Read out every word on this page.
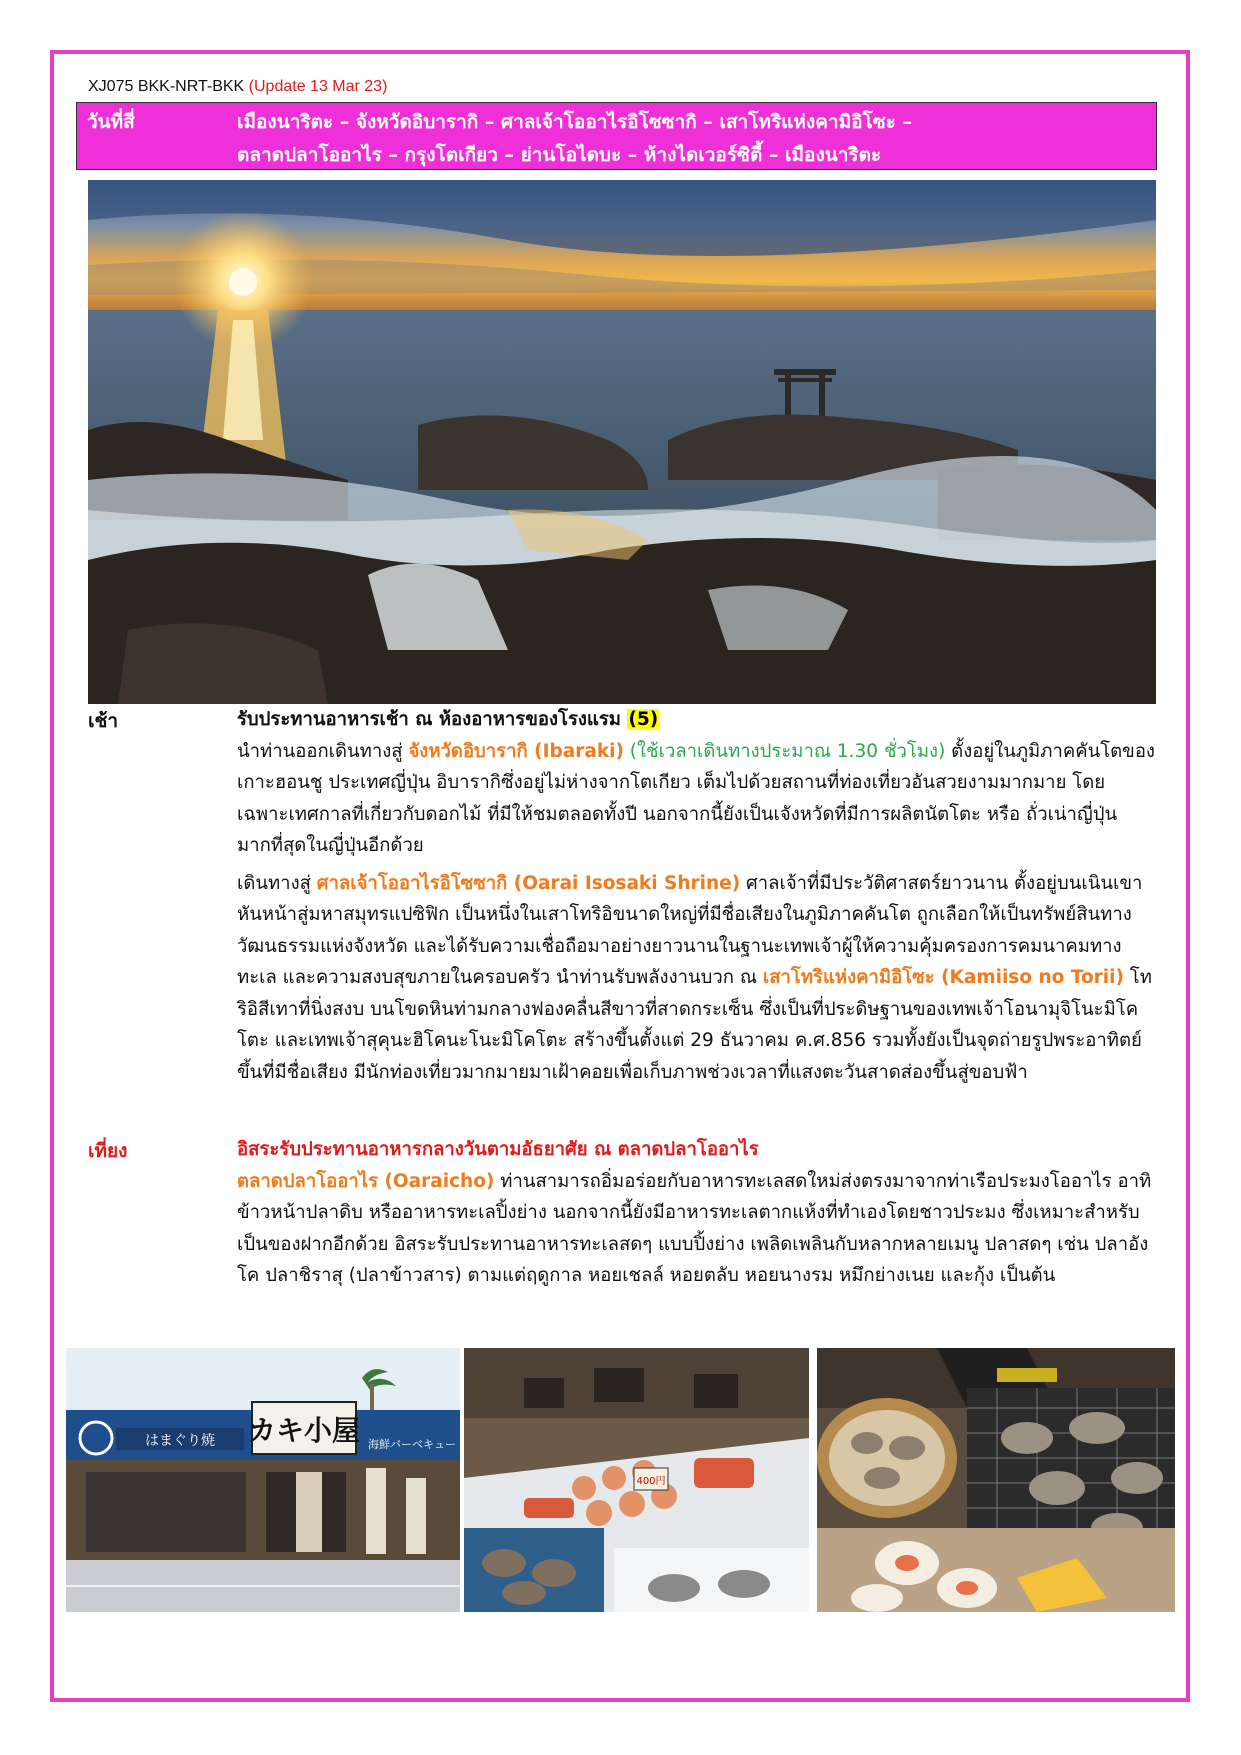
XJ075 BKK-NRT-BKK (Update 13 Mar 23)
วันที่สี่	เมืองนาริตะ – จังหวัดอิบารากิ – ศาลเจ้าโออาไรอิโซซากิ – เสาโทริแห่งคามิอิโซะ –
ตลาดปลาโออาไร – กรุงโตเกียว – ย่านโอไดบะ – ห้างไดเวอร์ซิตี้ – เมืองนาริตะ
เช้า	รับประทานอาหารเช้า ณ ห้องอาหารของโรงแรม (5)

นำท่านออกเดินทางสู่ จังหวัดอิบารากิ (Ibaraki) (ใช้เวลาเดินทางประมาณ 1.30 ชั่วโมง) ตั้งอยู่ในภูมิภาคคันโตของเกาะฮอนชู ประเทศญี่ปุ่น อิบารากิซึ่งอยู่ไม่ห่างจากโตเกียว เต็มไปด้วยสถานที่ท่องเที่ยวอันสวยงามมากมาย โดยเฉพาะเทศกาลที่เกี่ยวกับดอกไม้ ที่มีให้ชมตลอดทั้งปี นอกจากนี้ยังเป็นเจังหวัดที่มีการผลิตนัตโตะ หรือ ถั่วเน่าญี่ปุ่น มากที่สุดในญี่ปุ่นอีกด้วย

เดินทางสู่ ศาลเจ้าโออาไรอิโซซากิ (Oarai Isosaki Shrine) ศาลเจ้าที่มีประวัติศาสตร์ยาวนาน ตั้งอยู่บนเนินเขาหันหน้าสู่มหาสมุทรแปซิฟิก เป็นหนึ่งในเสาโทริอิขนาดใหญ่ที่มีชื่อเสียงในภูมิภาคคันโต ถูกเลือกให้เป็นทรัพย์สินทางวัฒนธรรมแห่งจังหวัด และได้รับความเชื่อถือมาอย่างยาวนานในฐานะเทพเจ้าผู้ให้ความคุ้มครองการคมนาคมทางทะเล และความสงบสุขภายในครอบครัว นำท่านรับพลังงานบวก ณ เสาโทริแห่งคามิอิโซะ (Kamiiso no Torii) โทริอิสีเทาที่นิ่งสงบ บนโขดหินท่ามกลางฟองคลื่นสีขาวที่สาดกระเซ็น ซึ่งเป็นที่ประดิษฐานของเทพเจ้าโอนามุจิโนะมิโคโตะ และเทพเจ้าสุคุนะฮิโคนะโนะมิโคโตะ สร้างขึ้นตั้งแต่ 29 ธันวาคม ค.ศ.856 รวมทั้งยังเป็นจุดถ่ายรูปพระอาทิตย์ขึ้นที่มีชื่อเสียง มีนักท่องเที่ยวมากมายมาเฝ้าคอยเพื่อเก็บภาพช่วงเวลาที่แสงตะวันสาดส่องขึ้นสู่ขอบฟ้า

เที่ยง	อิสระรับประทานอาหารกลางวันตามอัธยาศัย ณ ตลาดปลาโออาไร

ตลาดปลาโออาไร (Oaraicho) ท่านสามารถอิ่มอร่อยกับอาหารทะเลสดใหม่ส่งตรงมาจากท่าเรือประมงโออาไร อาทิ ข้าวหน้าปลาดิบ หรืออาหารทะเลปิ้งย่าง นอกจากนี้ยังมีอาหารทะเลตากแห้งที่ทำเองโดยชาวประมง ซึ่งเหมาะสำหรับเป็นของฝากอีกด้วย อิสระรับประทานอาหารทะเลสดๆ แบบปิ้งย่าง เพลิดเพลินกับหลากหลายเมนู ปลาสดๆ เช่น ปลาอังโค ปลาชิราสุ (ปลาข้าวสาร) ตามแต่ฤดูกาล หอยเชลล์ หอยตลับ หอยนางรม หมึกย่างเนย และกุ้ง เป็นต้น

カキ小屋
はまぐり焼	海鮮バーベキュー
400円
